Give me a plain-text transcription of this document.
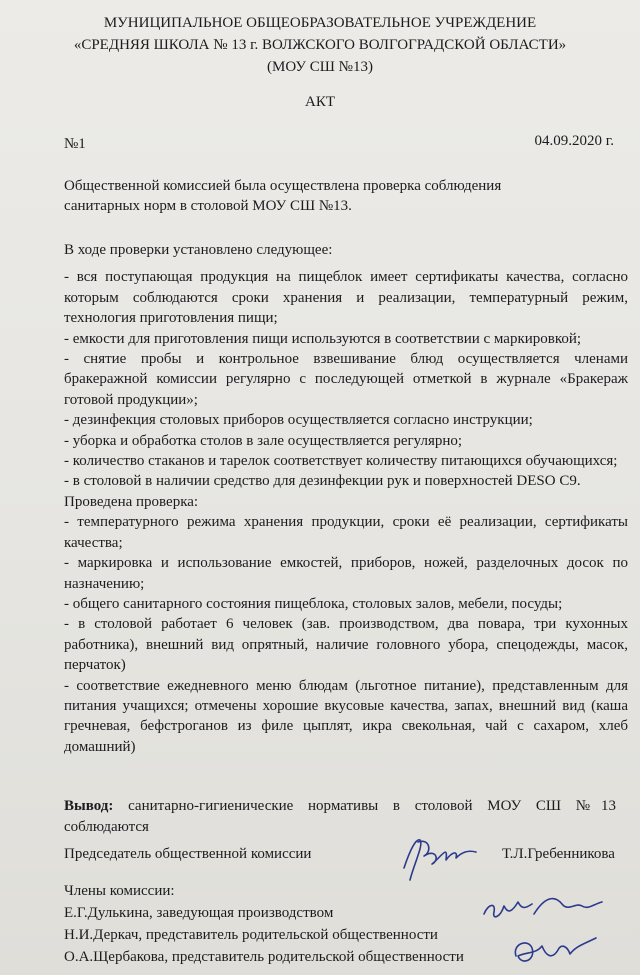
МУНИЦИПАЛЬНОЕ ОБЩЕОБРАЗОВАТЕЛЬНОЕ УЧРЕЖДЕНИЕ
«СРЕДНЯЯ ШКОЛА № 13 г. ВОЛЖСКОГО ВОЛГОГРАДСКОЙ ОБЛАСТИ»
(МОУ СШ №13)
АКТ
№1	04.09.2020 г.
Общественной комиссией была осуществлена проверка соблюдения
санитарных норм в столовой МОУ СШ №13.

В ходе проверки установлено следующее:

- вся поступающая продукция на пищеблок имеет сертификаты качества, согласно которым соблюдаются сроки хранения и реализации, температурный режим, технология приготовления пищи;

- емкости для приготовления пищи используются в соответствии с маркировкой;

- снятие пробы и контрольное взвешивание блюд осуществляется членами бракеражной комиссии регулярно с последующей отметкой в журнале «Бракераж готовой продукции»;

- дезинфекция столовых приборов осуществляется согласно инструкции;

- уборка и обработка столов в зале осуществляется регулярно;

- количество стаканов и тарелок соответствует количеству питающихся обучающихся;

- в столовой в наличии средство для дезинфекции рук и поверхностей DESO C9.

Проведена проверка:

- температурного режима хранения продукции, сроки её реализации, сертификаты качества;

- маркировка и использование емкостей, приборов, ножей, разделочных досок по назначению;

- общего санитарного состояния пищеблока, столовых залов, мебели, посуды;

- в столовой работает 6 человек (зав. производством, два повара, три кухонных работника), внешний вид опрятный, наличие головного убора, спецодежды, масок, перчаток)

- соответствие ежедневного меню блюдам (льготное питание), представленным для питания учащихся; отмечены хорошие вкусовые качества, запах, внешний вид (каша гречневая, бефстроганов из филе цыплят, икра свекольная, чай с сахаром, хлеб домашний)

Вывод: санитарно-гигиенические нормативы в столовой МОУ СШ №13 соблюдаются
Председатель общественной комиссии	Т.Л.Гребенникова
Члены комиссии:
Е.Г.Дулькина, заведующая производством
Н.И.Деркач, представитель родительской общественности
О.А.Щербакова, представитель родительской общественности
